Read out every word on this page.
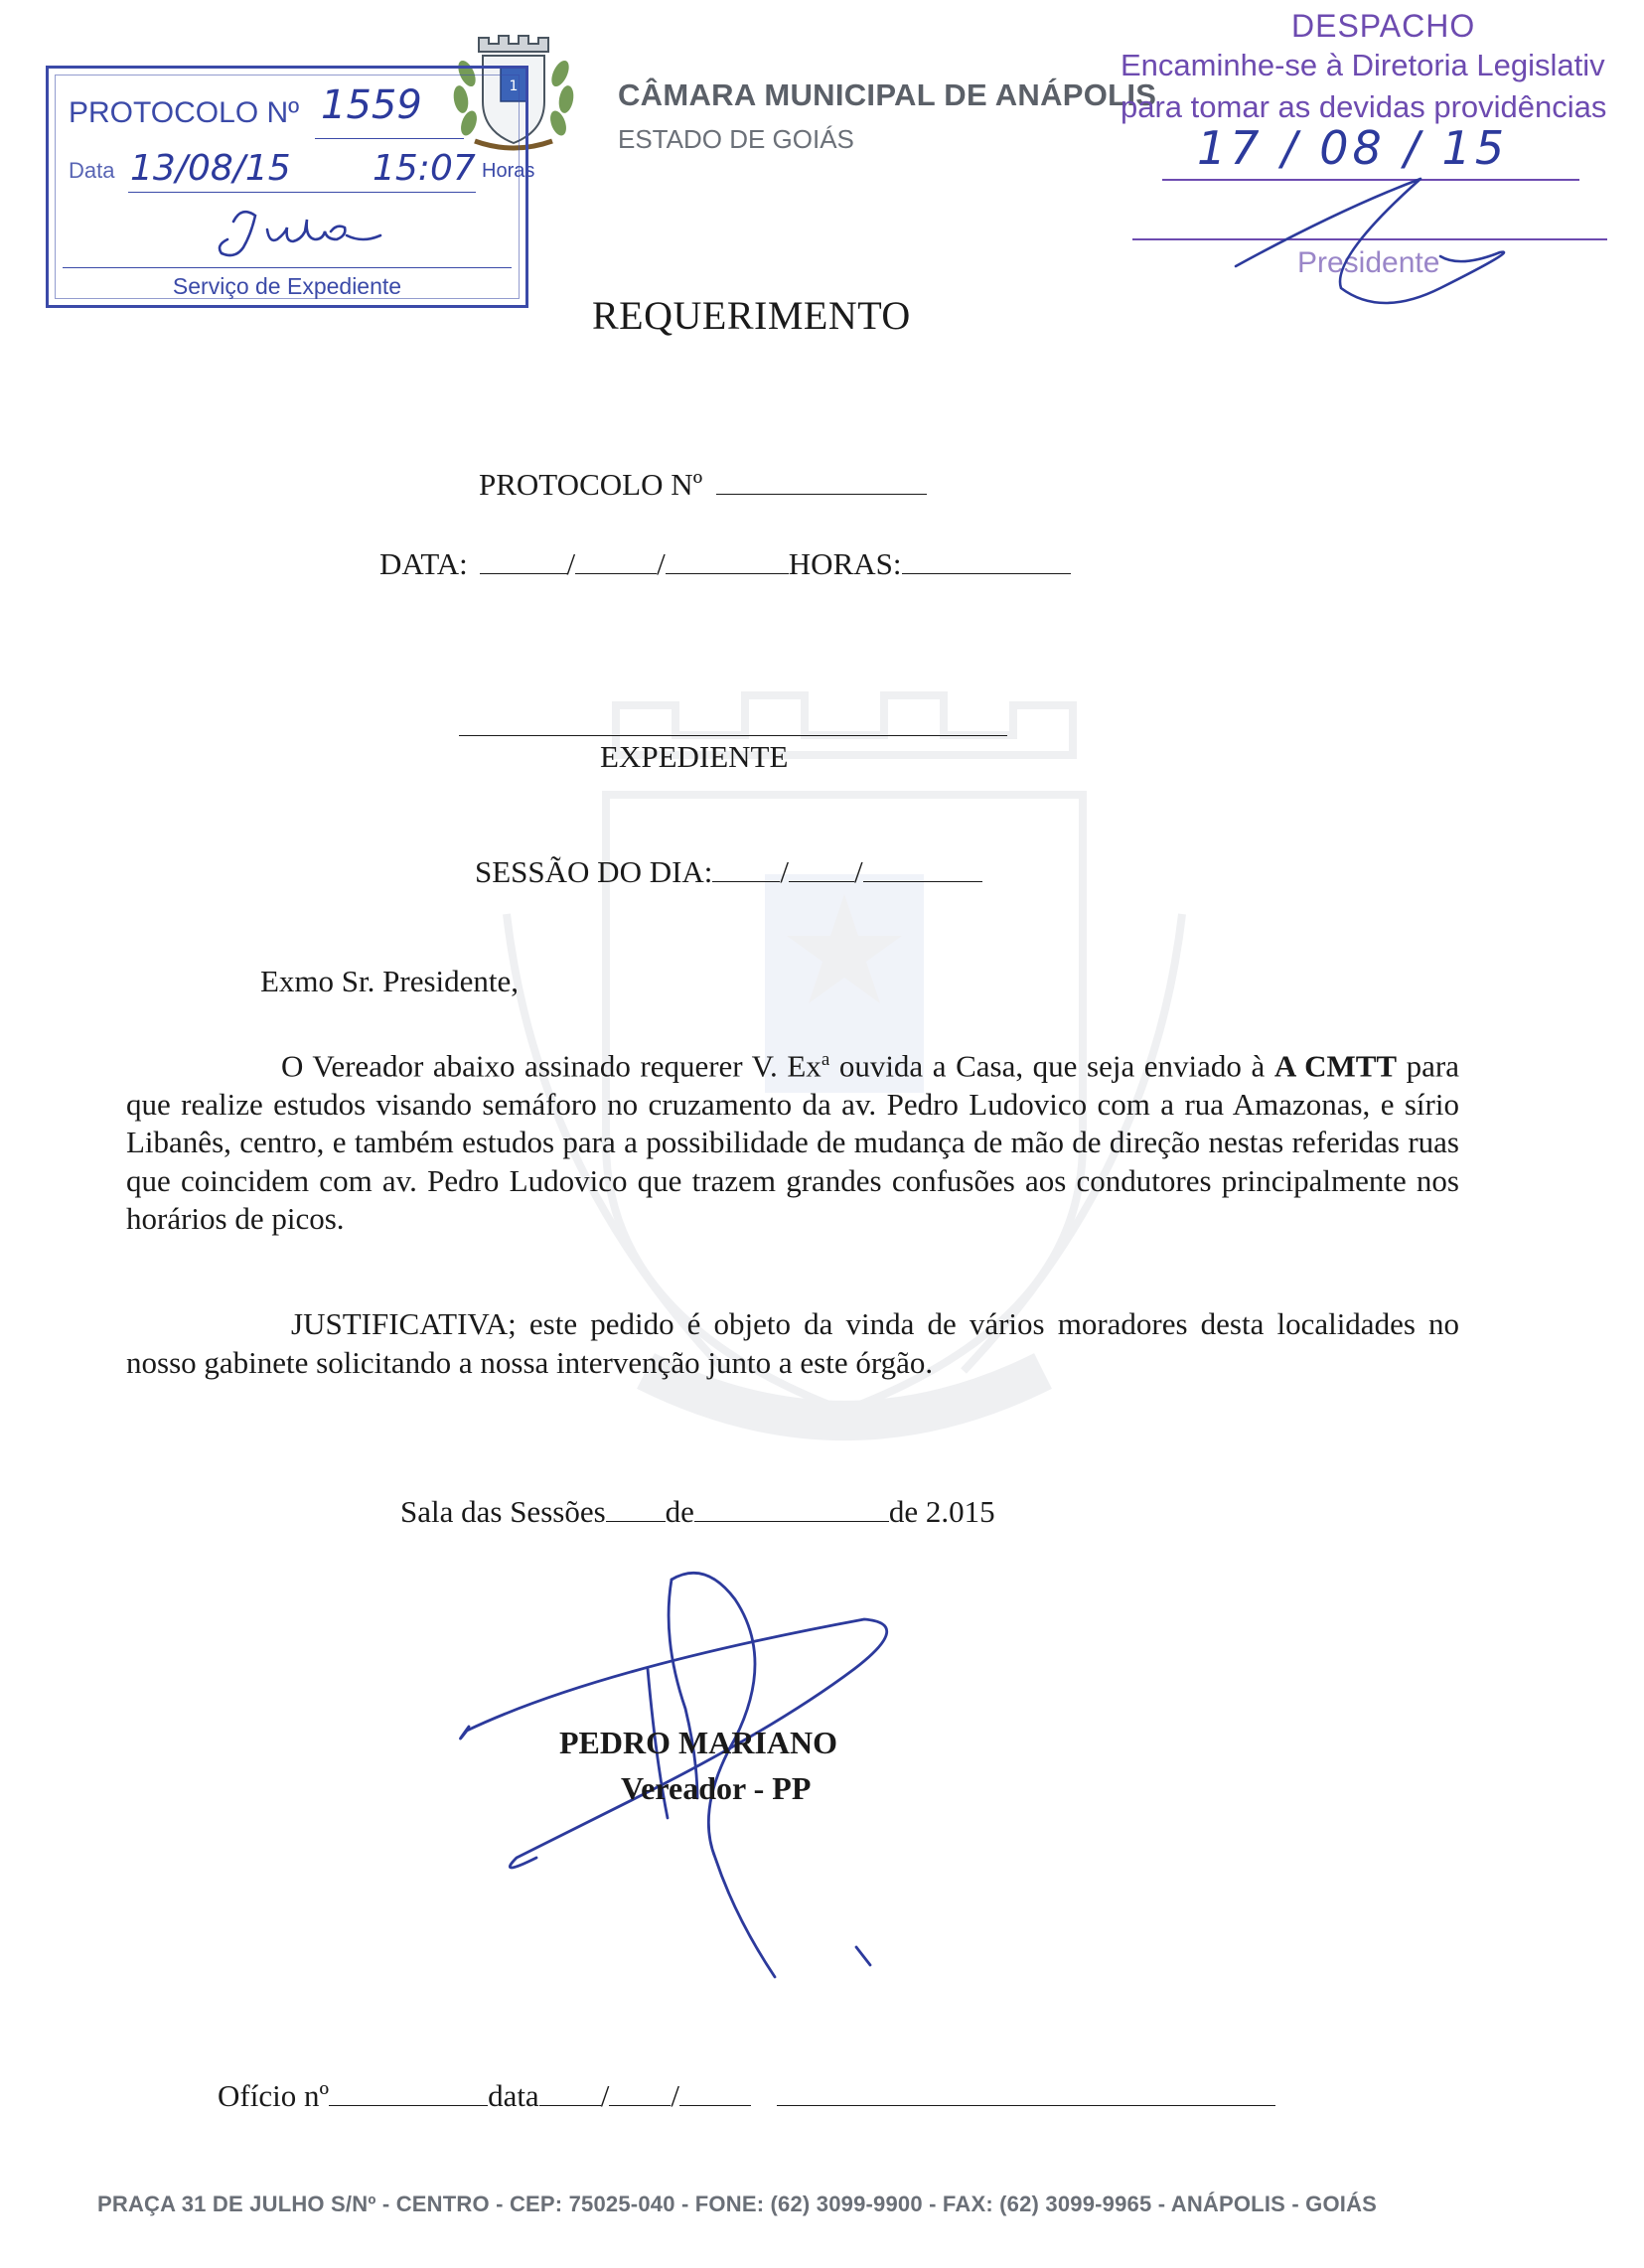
1	CÂMARA MUNICIPAL DE ANÁPOLIS
ESTADO DE GOIÁS
PROTOCOLO Nº 1559
Data 13/08/15 15:07 Horas
Serviço de Expediente
DESPACHO
Encaminhe-se à Diretoria Legislativ
para tomar as devidas providências
17 / 08 / 15
Presidente
REQUERIMENTO
PROTOCOLO Nº
DATA:	/	/	HORAS:
EXPEDIENTE
SESSÃO DO DIA: / /
Exmo Sr. Presidente,
O Vereador abaixo assinado requerer V. Ex$^a$ ouvida a Casa, que seja enviado à A CMTT para que realize estudos visando semáforo no cruzamento da av. Pedro Ludovico com a rua Amazonas, e sírio Libanês, centro, e também estudos para a possibilidade de mudança de mão de direção nestas referidas ruas que coincidem com av. Pedro Ludovico que trazem grandes confusões aos condutores principalmente nos horários de picos.
JUSTIFICATIVA; este pedido é objeto da vinda de vários moradores desta localidades no nosso gabinete solicitando a nossa intervenção junto a este órgão.
Sala das Sessões de	de 2.015
PEDRO MARIANO
Vereador - PP
Ofício nº	data / /
PRAÇA 31 DE JULHO S/Nº - CENTRO - CEP: 75025-040 - FONE: (62) 3099-9900 - FAX: (62) 3099-9965 - ANÁPOLIS - GOIÁS
